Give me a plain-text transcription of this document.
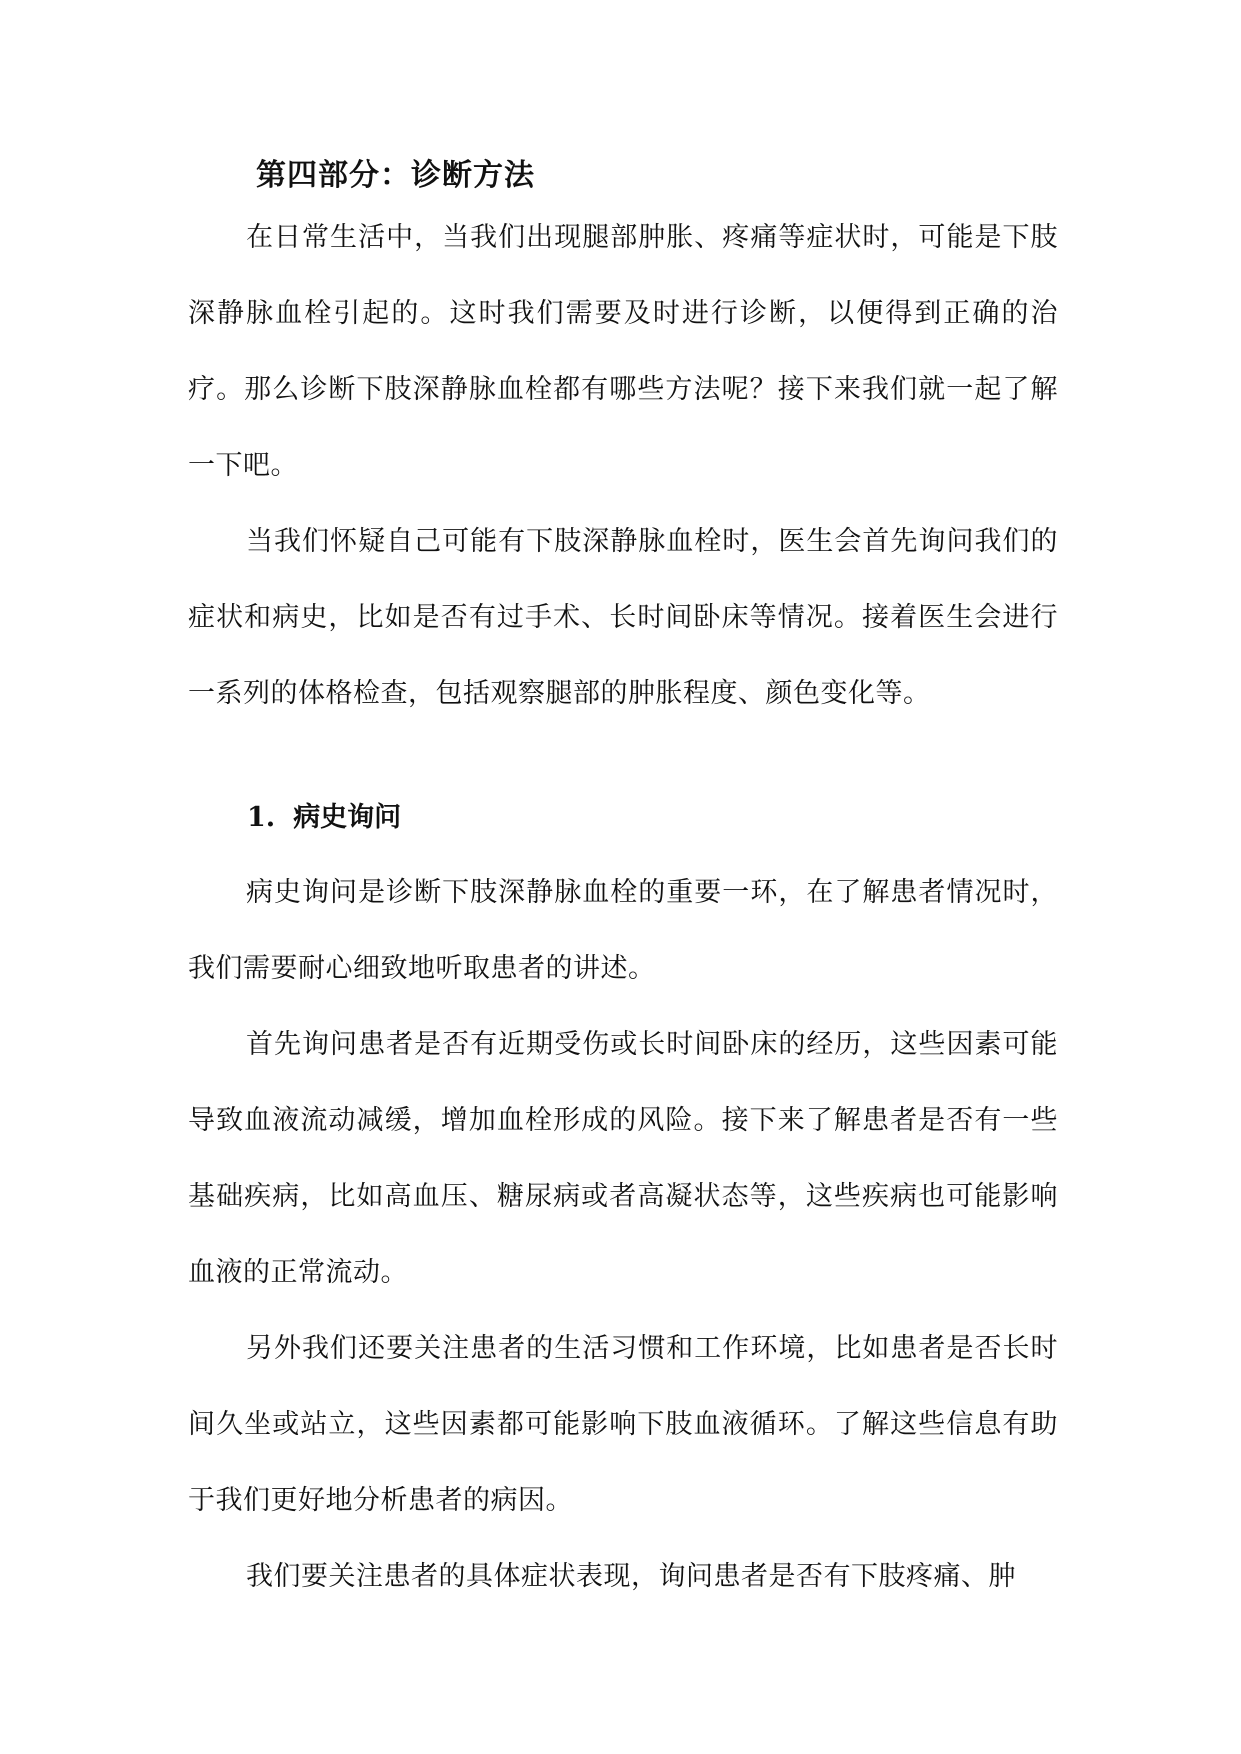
第四部分：诊断方法

在日常生活中，当我们出现腿部肿胀、疼痛等症状时，可能是下肢深静脉血栓引起的。这时我们需要及时进行诊断，以便得到正确的治疗。那么诊断下肢深静脉血栓都有哪些方法呢？接下来我们就一起了解一下吧。

当我们怀疑自己可能有下肢深静脉血栓时，医生会首先询问我们的症状和病史，比如是否有过手术、长时间卧床等情况。接着医生会进行一系列的体格检查，包括观察腿部的肿胀程度、颜色变化等。

1. 病史询问

病史询问是诊断下肢深静脉血栓的重要一环，在了解患者情况时，我们需要耐心细致地听取患者的讲述。

首先询问患者是否有近期受伤或长时间卧床的经历，这些因素可能导致血液流动减缓，增加血栓形成的风险。接下来了解患者是否有一些基础疾病，比如高血压、糖尿病或者高凝状态等，这些疾病也可能影响血液的正常流动。

另外我们还要关注患者的生活习惯和工作环境，比如患者是否长时间久坐或站立，这些因素都可能影响下肢血液循环。了解这些信息有助于我们更好地分析患者的病因。

我们要关注患者的具体症状表现，询问患者是否有下肢疼痛、肿
